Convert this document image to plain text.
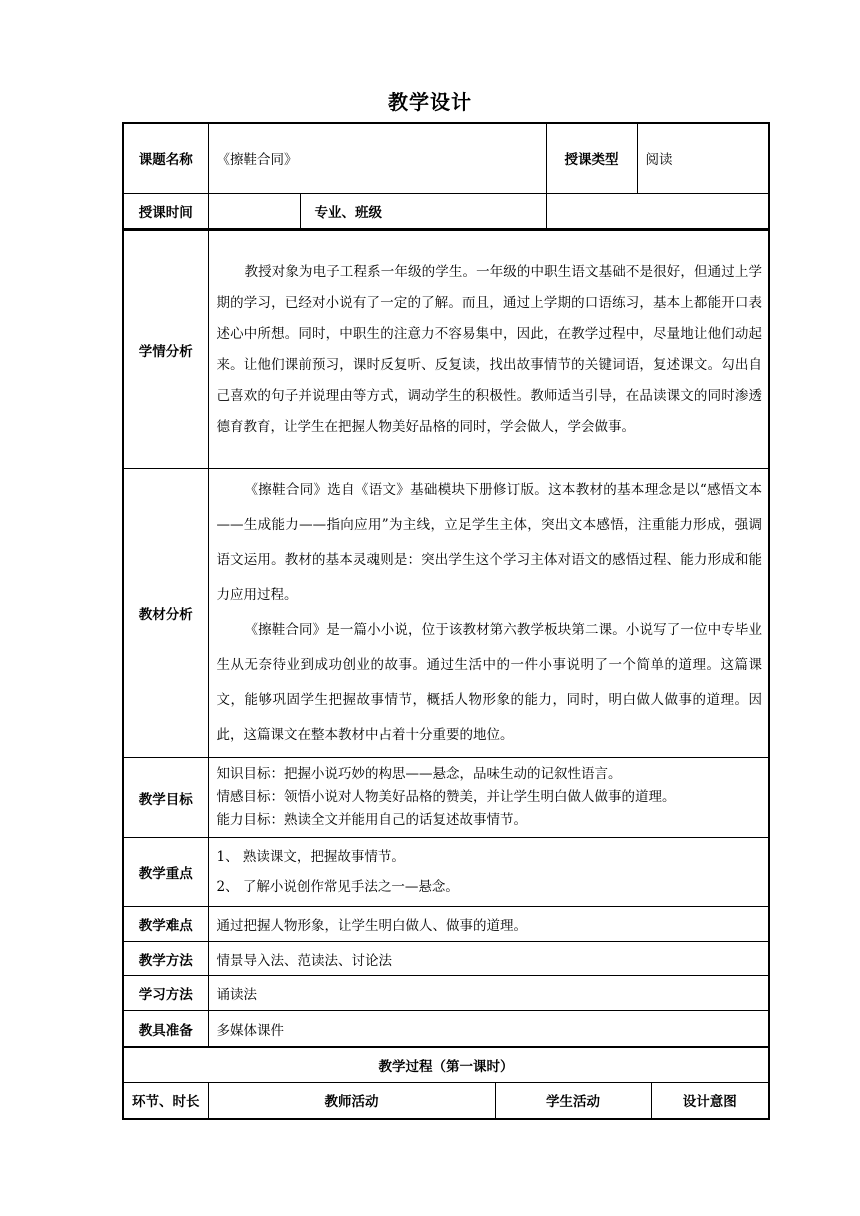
教学设计
课题名称	《擦鞋合同》		授课类型	阅读
授课时间		专业、班级		
学情分析	教授对象为电子工程系一年级的学生。一年级的中职生语文基础不是很好，但通过上学期的学习，已经对小说有了一定的了解。而且，通过上学期的口语练习，基本上都能开口表述心中所想。同时，中职生的注意力不容易集中，因此，在教学过程中，尽量地让他们动起来。让他们课前预习，课时反复听、反复读，找出故事情节的关键词语，复述课文。勾出自己喜欢的句子并说理由等方式，调动学生的积极性。教师适当引导，在品读课文的同时渗透德育教育，让学生在把握人物美好品格的同时，学会做人，学会做事。

教材分析	《擦鞋合同》选自《语文》基础模块下册修订版。这本教材的基本理念是以“感悟文本——生成能力——指向应用”为主线，立足学生主体，突出文本感悟，注重能力形成，强调语文运用。教材的基本灵魂则是：突出学生这个学习主体对语文的感悟过程、能力形成和能力应用过程。

《擦鞋合同》是一篇小小说，位于该教材第六教学板块第二课。小说写了一位中专毕业生从无奈待业到成功创业的故事。通过生活中的一件小事说明了一个简单的道理。这篇课文，能够巩固学生把握故事情节，概括人物形象的能力，同时，明白做人做事的道理。因此，这篇课文在整本教材中占着十分重要的地位。

教学目标	知识目标：把握小说巧妙的构思——悬念，品味生动的记叙性语言。
情感目标：领悟小说对人物美好品格的赞美，并让学生明白做人做事的道理。
能力目标：熟读全文并能用自己的话复述故事情节。

教学重点	1、 熟读课文，把握故事情节。
2、 了解小说创作常见手法之一—悬念。

教学难点	通过把握人物形象，让学生明白做人、做事的道理。
教学方法	情景导入法、范读法、讨论法
学习方法	诵读法
教具准备	多媒体课件
教学过程（第一课时）
环节、时长	教师活动	学生活动	设计意图
